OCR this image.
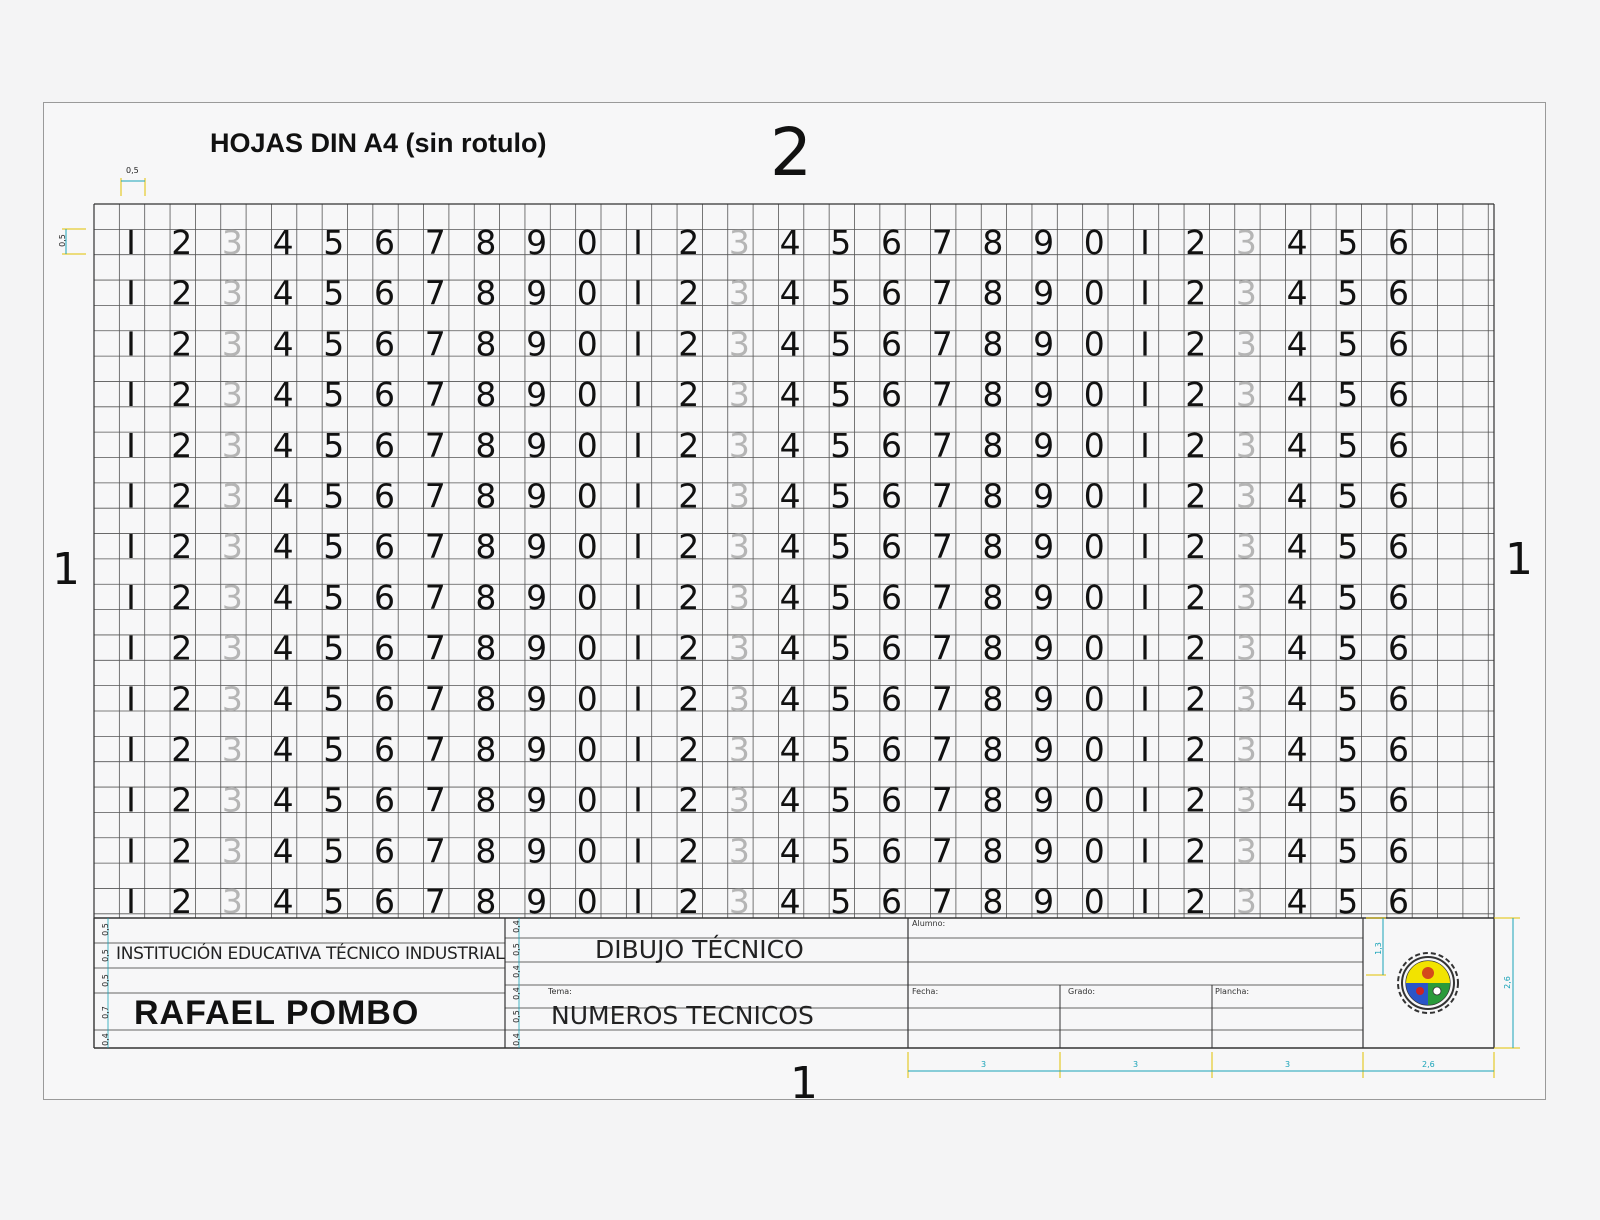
HOJAS DIN A4 (sin rotulo)	2
1	1
1
0,5
0,5 I 2 3 4 5 6 7 8 9 0 I 2 3 4 5 6 7 8 9 0 I 2 3 4 5 6
I 2 3 4 5 6 7 8 9 0 I 2 3 4 5 6 7 8 9 0 I 2 3 4 5 6
I 2 3 4 5 6 7 8 9 0 I 2 3 4 5 6 7 8 9 0 I 2 3 4 5 6
I 2 3 4 5 6 7 8 9 0 I 2 3 4 5 6 7 8 9 0 I 2 3 4 5 6
I 2 3 4 5 6 7 8 9 0 I 2 3 4 5 6 7 8 9 0 I 2 3 4 5 6
I 2 3 4 5 6 7 8 9 0 I 2 3 4 5 6 7 8 9 0 I 2 3 4 5 6
I 2 3 4 5 6 7 8 9 0 I 2 3 4 5 6 7 8 9 0 I 2 3 4 5 6
I 2 3 4 5 6 7 8 9 0 I 2 3 4 5 6 7 8 9 0 I 2 3 4 5 6
I 2 3 4 5 6 7 8 9 0 I 2 3 4 5 6 7 8 9 0 I 2 3 4 5 6
I 2 3 4 5 6 7 8 9 0 I 2 3 4 5 6 7 8 9 0 I 2 3 4 5 6
I 2 3 4 5 6 7 8 9 0 I 2 3 4 5 6 7 8 9 0 I 2 3 4 5 6
I 2 3 4 5 6 7 8 9 0 I 2 3 4 5 6 7 8 9 0 I 2 3 4 5 6
I 2 3 4 5 6 7 8 9 0 I 2 3 4 5 6 7 8 9 0 I 2 3 4 5 6
I 2 3 4 5 6 7 8 9 0 I 2 3 4 5 6 7 8 9 0 I 2 3 4 5 6
INSTITUCIÓN EDUCATIVA TÉCNICO INDUSTRIAL
RAFAEL POMBO
DIBUJO TÉCNICO
Tema:
NUMEROS TECNICOS
Alumno:
Fecha:	Grado:	Plancha:
0,5
0,5
0,5
0,7
0,4
0,4
0,5
0,4
0,4
0,5
0,4
1,3
2,6
3	3	3	2,6
